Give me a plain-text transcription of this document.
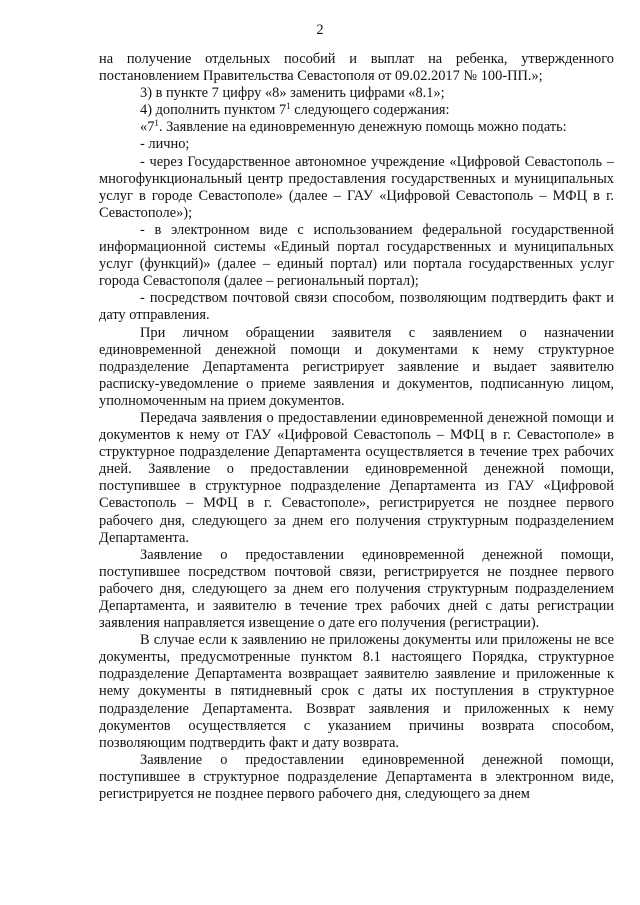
2

на получение отдельных пособий и выплат на ребенка, утвержденного постановлением Правительства Севастополя от 09.02.2017 № 100-ПП.»;

3) в пункте 7 цифру «8» заменить цифрами «8.1»;

4) дополнить пунктом $7^1$ следующего содержания:

«$7^1$. Заявление на единовременную денежную помощь можно подать:

- лично;

- через Государственное автономное учреждение «Цифровой Севастополь – многофункциональный центр предоставления государственных и муниципальных услуг в городе Севастополе» (далее – ГАУ «Цифровой Севастополь – МФЦ в г. Севастополе»);

- в электронном виде с использованием федеральной государственной информационной системы «Единый портал государственных и муниципальных услуг (функций)» (далее – единый портал) или портала государственных услуг города Севастополя (далее – региональный портал);

- посредством почтовой связи способом, позволяющим подтвердить факт и дату отправления.

При личном обращении заявителя с заявлением о назначении единовременной денежной помощи и документами к нему структурное подразделение Департамента регистрирует заявление и выдает заявителю расписку-уведомление о приеме заявления и документов, подписанную лицом, уполномоченным на прием документов.

Передача заявления о предоставлении единовременной денежной помощи и документов к нему от ГАУ «Цифровой Севастополь – МФЦ в г. Севастополе» в структурное подразделение Департамента осуществляется в течение трех рабочих дней. Заявление о предоставлении единовременной денежной помощи, поступившее в структурное подразделение Департамента из ГАУ «Цифровой Севастополь – МФЦ в г. Севастополе», регистрируется не позднее первого рабочего дня, следующего за днем его получения структурным подразделением Департамента.

Заявление о предоставлении единовременной денежной помощи, поступившее посредством почтовой связи, регистрируется не позднее первого рабочего дня, следующего за днем его получения структурным подразделением Департамента, и заявителю в течение трех рабочих дней с даты регистрации заявления направляется извещение о дате его получения (регистрации).

В случае если к заявлению не приложены документы или приложены не все документы, предусмотренные пунктом 8.1 настоящего Порядка, структурное подразделение Департамента возвращает заявителю заявление и приложенные к нему документы в пятидневный срок с даты их поступления в структурное подразделение Департамента. Возврат заявления и приложенных к нему документов осуществляется с указанием причины возврата способом, позволяющим подтвердить факт и дату возврата.

Заявление о предоставлении единовременной денежной помощи, поступившее в структурное подразделение Департамента в электронном виде, регистрируется не позднее первого рабочего дня, следующего за днем
